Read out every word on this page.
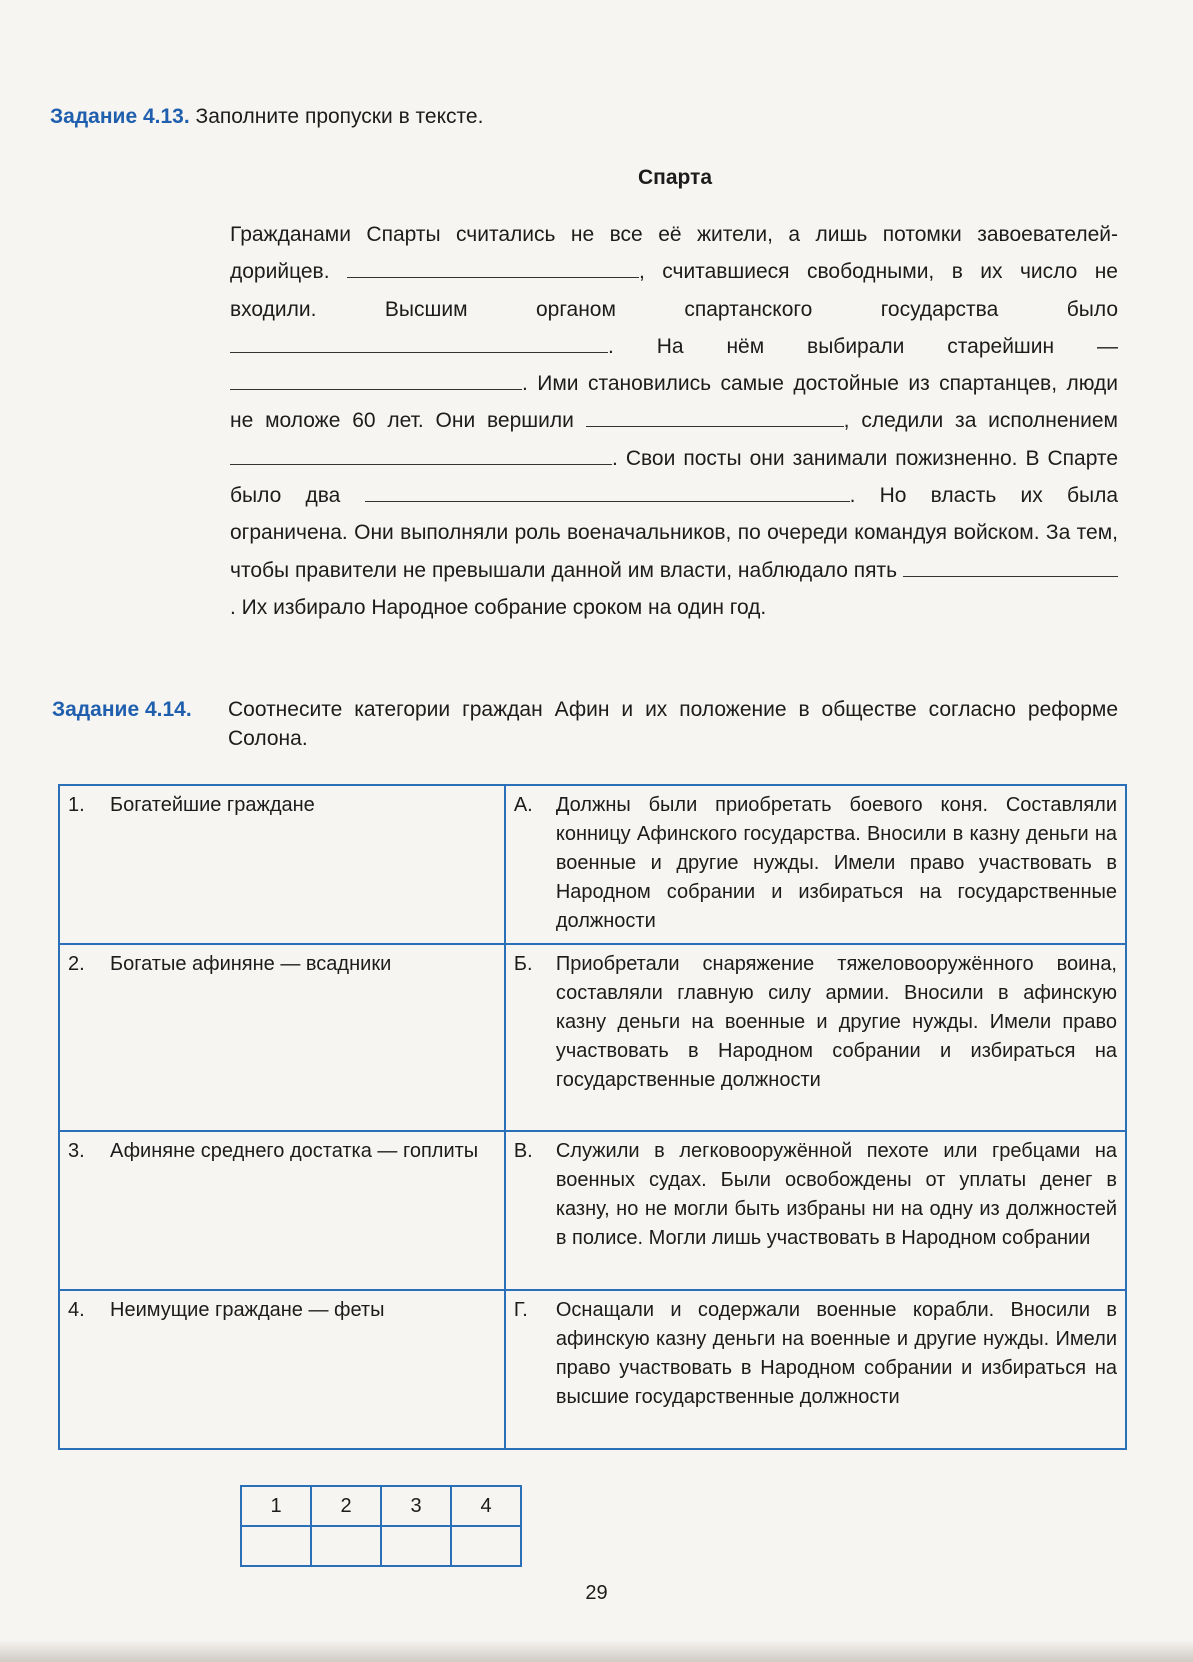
Задание 4.13. Заполните пропуски в тексте.
Спарта
Гражданами Спарты считались не все её жители, а лишь потомки завоевателей-дорийцев.	, считавшиеся свободными, в их число не входили. Высшим органом спартанского государства было . На нём выбирали старейшин — . Ими становились самые достойные из спартанцев, люди не моложе 60 лет. Они вершили	, следили за исполнением . Свои посты они занимали пожизненно. В Спарте было два	. Но власть их была ограничена. Они выполняли роль военачальников, по очереди командуя войском. За тем, чтобы правители не превышали данной им власти, наблюдало пять . Их избирало Народное собрание сроком на один год.
Задание 4.14. Соотнесите категории граждан Афин и их положение в обществе согласно реформе Солона.
1. Богатейшие граждане	А. Должны были приобретать боевого коня. Составляли конницу Афинского государства. Вносили в казну деньги на военные и другие нужды. Имели право участвовать в Народном собрании и избираться на государственные должности

2. Богатые афиняне — всадники	Б. Приобретали снаряжение тяжеловооружённого воина, составляли главную силу армии. Вносили в афинскую казну деньги на военные и другие нужды. Имели право участвовать в Народном собрании и избираться на государственные должности

3. Афиняне среднего достатка — гоплиты	В. Служили в легковооружённой пехоте или гребцами на военных судах. Были освобождены от уплаты денег в казну, но не могли быть избраны ни на одну из должностей в полисе. Могли лишь участвовать в Народном собрании

4. Неимущие граждане — феты	Г. Оснащали и содержали военные корабли. Вносили в афинскую казну деньги на военные и другие нужды. Имели право участвовать в Народном собрании и избираться на высшие государственные должности
1	2	3	4

29
